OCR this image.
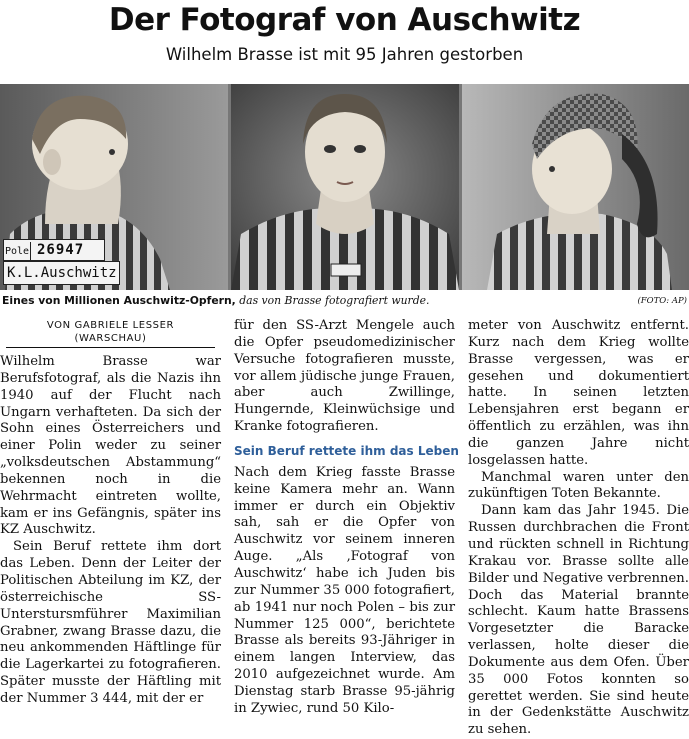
Der Fotograf von Auschwitz
Wilhelm Brasse ist mit 95 Jahren gestorben
Pole 26947
K.L.Auschwitz
Eines von Millionen Auschwitz-Opfern, das von Brasse fotografiert wurde.	(FOTO: AP)
VON GABRIELE LESSER
(WARSCHAU)

Wilhelm Brasse war Berufsfotograf, als die Nazis ihn 1940 auf der Flucht nach Ungarn verhafteten. Da sich der Sohn eines Österreichers und einer Polin weder zu seiner „volksdeutschen Abstammung“ bekennen noch in die Wehrmacht eintreten wollte, kam er ins Gefängnis, später ins KZ Auschwitz.

Sein Beruf rettete ihm dort das Leben. Denn der Leiter der Politischen Abteilung im KZ, der österreichische SS-Unterstursmführer Maximilian Grabner, zwang Brasse dazu, die neu ankommenden Häftlinge für die Lagerkartei zu fotografieren. Später musste der Häftling mit der Nummer 3 444, mit der er

für den SS-Arzt Mengele auch die Opfer pseudomedizinischer Versuche fotografieren musste, vor allem jüdische junge Frauen, aber auch Zwillinge, Hungernde, Kleinwüchsige und Kranke fotografieren.

Sein Beruf rettete ihm das Leben

Nach dem Krieg fasste Brasse keine Kamera mehr an. Wann immer er durch ein Objektiv sah, sah er die Opfer von Auschwitz vor seinem inneren Auge. „Als ‚Fotograf von Auschwitz‘ habe ich Juden bis zur Nummer 35 000 fotografiert, ab 1941 nur noch Polen – bis zur Nummer 125 000“, berichtete Brasse als bereits 93-Jähriger in einem langen Interview, das 2010 aufgezeichnet wurde. Am Dienstag starb Brasse 95-jährig in Zywiec, rund 50 Kilo-

meter von Auschwitz entfernt. Kurz nach dem Krieg wollte Brasse vergessen, was er gesehen und dokumentiert hatte. In seinen letzten Lebensjahren erst begann er öffentlich zu erzählen, was ihn die ganzen Jahre nicht losgelassen hatte.

Manchmal waren unter den zukünftigen Toten Bekannte.

Dann kam das Jahr 1945. Die Russen durchbrachen die Front und rückten schnell in Richtung Krakau vor. Brasse sollte alle Bilder und Negative verbrennen. Doch das Material brannte schlecht. Kaum hatte Brassens Vorgesetzter die Baracke verlassen, holte dieser die Dokumente aus dem Ofen. Über 35 000 Fotos konnten so gerettet werden. Sie sind heute in der Gedenkstätte Auschwitz zu sehen.
